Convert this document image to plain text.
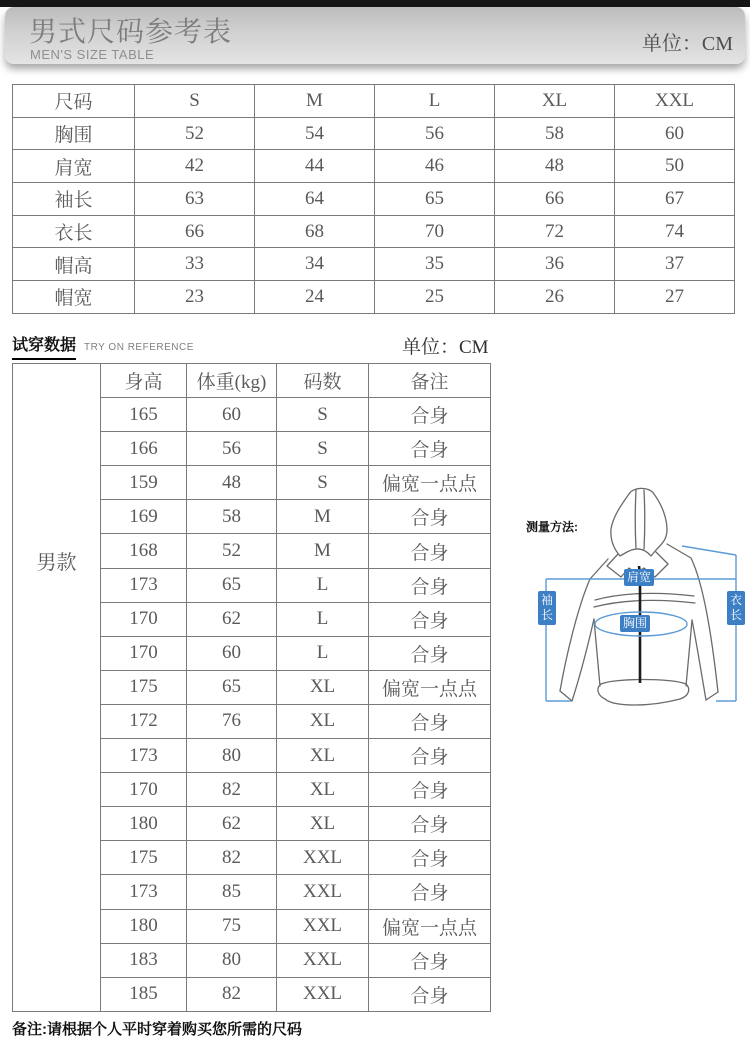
男式尺码参考表
MEN'S SIZE TABLE	单位：CM
尺码	S	M	L	XL	XXL
胸围	52	54	56	58	60
肩宽	42	44	46	48	50
袖长	63	64	65	66	67
衣长	66	68	70	72	74
帽高	33	34	35	36	37
帽宽	23	24	25	26	27
试穿数据 TRY ON REFERENCE	单位：CM
男款	身高	体重(kg)	码数	备注
	165	60	S	合身
	166	56	S	合身
	159	48	S	偏宽一点点
	169	58	M	合身
	168	52	M	合身
	173	65	L	合身
	170	62	L	合身
	170	60	L	合身
	175	65	XL	偏宽一点点
	172	76	XL	合身
	173	80	XL	合身
	170	82	XL	合身
	180	62	XL	合身
	175	82	XXL	合身
	173	85	XXL	合身
	180	75	XXL	偏宽一点点
	183	80	XXL	合身
	185	82	XXL	合身
测量方法:
肩宽
胸围
袖长
衣长
备注:请根据个人平时穿着购买您所需的尺码
